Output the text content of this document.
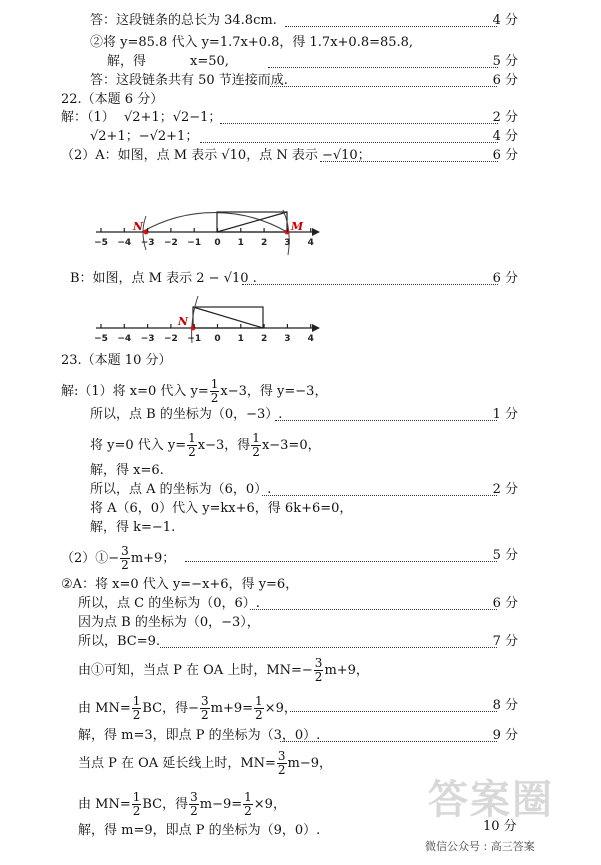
答：这段链条的总长为 34.8cm.	4 分
②将 y=85.8 代入 y=1.7x+0.8，得 1.7x+0.8=85.8,
解，得	x=50,	5 分
答：这段链条共有 50 节连接而成.	6 分
22.（本题 6 分）
解：（1） √2+1；√2−1；	2 分
√2+1；−√2+1；	4 分
（2）A：如图，点 M 表示 √10，点 N 表示 −√10；	6 分
M
N
−5 −4 −3 −2 −1 0 1 2 3 4
N
−5 −4 −3 −2 −1 0 1 2 3 4
B：如图，点 M 表示 2 − √10 .	6 分
23.（本题 10 分）
解:（1）将 x=0 代入 $y= \frac{1}{2} x-3$，得 y=−3，
所以，点 B 的坐标为（0，−3）.	1 分
将 y=0 代入 $y= \frac{1}{2} x-3$，得 $\frac{1}{2} x-3=0$，
解，得 x=6.
所以，点 A 的坐标为（6，0）.	2 分
将 A（6，0）代入 y=kx+6，得 6k+6=0，
解，得 k=−1.
（2）①− $\frac{3}{2} m+9$；	5 分
②A：将 x=0 代入 y=−x+6，得 y=6，
所以，点 C 的坐标为（0，6）.	6 分
因为点 B 的坐标为（0，−3），
所以，BC=9.	7 分
由①可知，当点 P 在 OA 上时，$MN=- \frac{3}{2} m+9$，
由 $MN= \frac{1}{2}$ BC，得− $\frac{3}{2} m+9= \frac{1}{2} \times 9$，	8 分
解，得 m=3，即点 P 的坐标为（3，0）.	9 分
当点 P 在 OA 延长线上时，$MN= \frac{3}{2} m-9$，
由 $MN= \frac{1}{2}$ BC，得 $\frac{3}{2} m-9= \frac{1}{2} \times 9$，
解，得 m=9，即点 P 的坐标为（9，0）.
答案圈
10 分
微信公众号 : 高三答案
